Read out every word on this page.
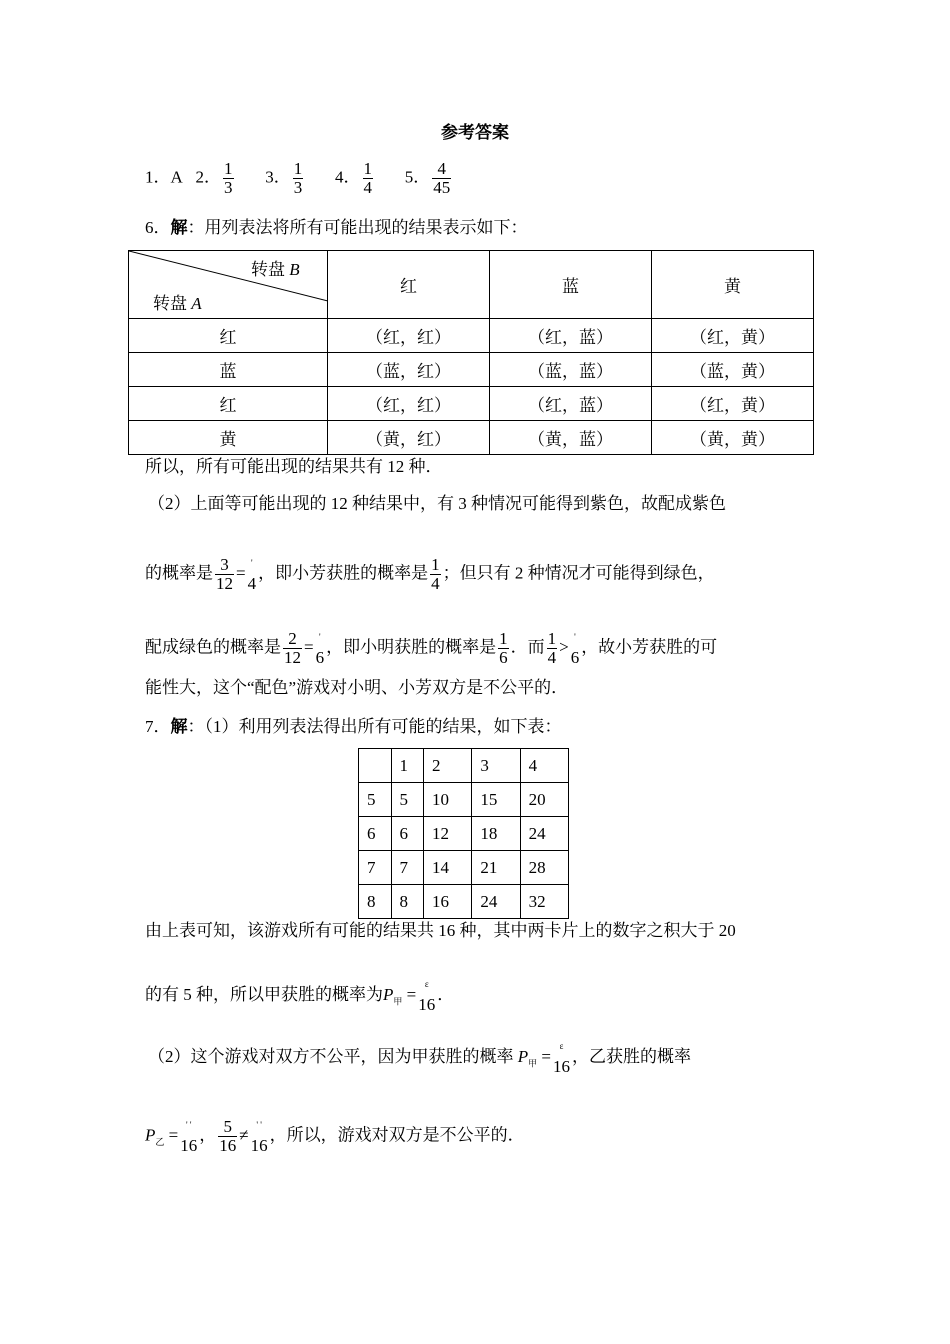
参考答案
1．A 2． $\frac{1}{3} 3$． $\frac{1}{3} 4$． $\frac{1}{4} 5$． $\frac{4}{45}$
6．解：用列表法将所有可能出现的结果表示如下：
转盘 B
转盘 A	红	蓝	黄
红	（红，红）	（红，蓝）	（红，黄）
蓝	（蓝，红）	（蓝，蓝）	（蓝，黄）
红	（红，红）	（红，蓝）	（红，黄）
黄	（黄，红）	（黄，蓝）	（黄，黄）
所以，所有可能出现的结果共有 12 种．
（2）上面等可能出现的 12 种结果中，有 3 种情况可能得到紫色，故配成紫色
的概率是 $\frac{3}{12}$ =
'
4
，即小芳获胜的概率是 $\frac{1}{4}$ ；但只有 2 种情况才可能得到绿色，
配成绿色的概率是 $\frac{2}{12}$ =
'
6
，即小明获胜的概率是 $\frac{1}{6}$ ．而 $\frac{1}{4}$ >
'
6
，故小芳获胜的可
能性大，这个“配色”游戏对小明、小芳双方是不公平的．
7．解：（1）利用列表法得出所有可能的结果，如下表：
	1	2	3	4
5	5	10	15	20
6	6	12	18	24
7	7	14	21	28
8	8	16	24	32
由上表可知，该游戏所有可能的结果共 16 种，其中两卡片上的数字之积大于 20
的有 5 种，所以甲获胜的概率为$P_甲$ =
ε
16
．
（2）这个游戏对双方不公平，因为甲获胜的概率 $P_甲$ =
ε
16
，乙获胜的概率
$P_乙$ =
' '
16
， $\frac{5}{16}$ ≠
' '
16
，所以，游戏对双方是不公平的．
